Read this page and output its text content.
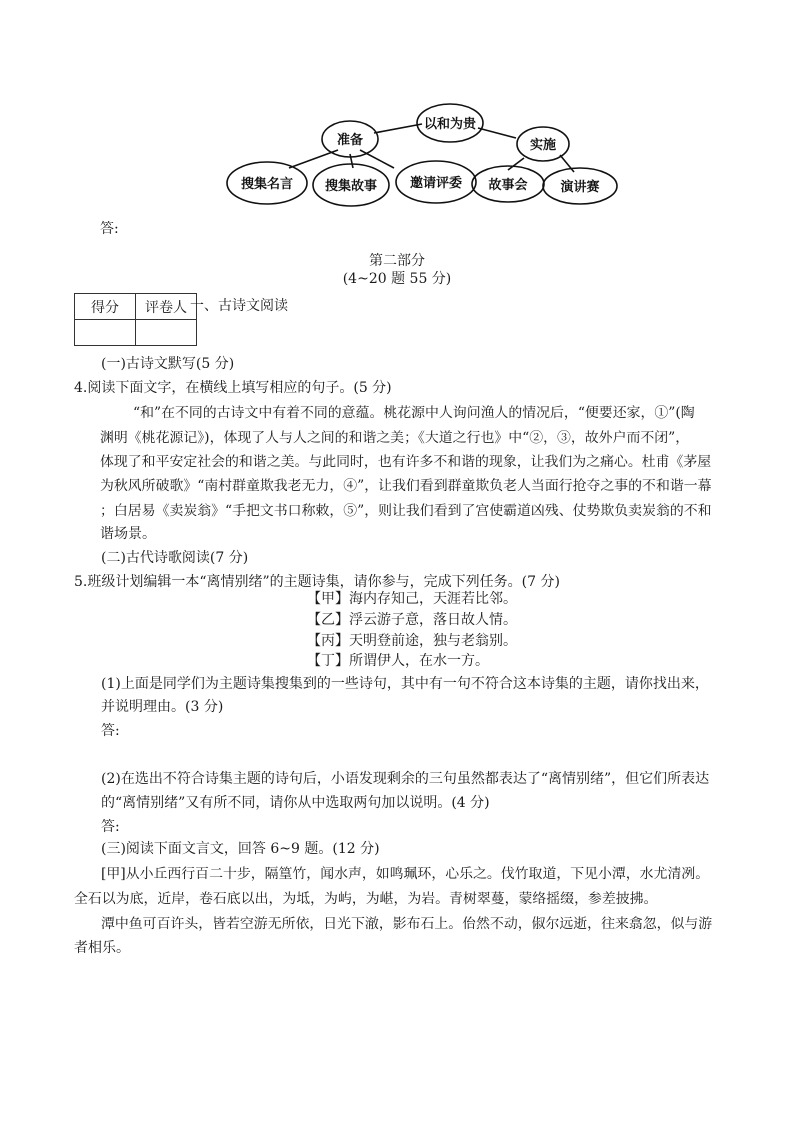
以和为贵
准备	实施
搜集名言 搜集故事	邀请评委 故事会	演讲赛
答:
第二部分
(4~20 题 55 分)
得分	评卷人
	一、古诗文阅读
(一)古诗文默写(5 分)
4.阅读下面文字，在横线上填写相应的句子。(5 分)
“和”在不同的古诗文中有着不同的意蕴。桃花源中人询问渔人的情况后，“便要还家，①”(陶
渊明《桃花源记》)，体现了人与人之间的和谐之美；《大道之行也》中“②，③，故外户而不闭”，
体现了和平安定社会的和谐之美。与此同时，也有许多不和谐的现象，让我们为之痛心。杜甫《茅屋
为秋风所破歌》“南村群童欺我老无力，④”，让我们看到群童欺负老人当面行抢夺之事的不和谐一幕
；白居易《卖炭翁》“手把文书口称敕，⑤”，则让我们看到了宫使霸道凶残、仗势欺负卖炭翁的不和
谐场景。
(二)古代诗歌阅读(7 分)
5.班级计划编辑一本“离情别绪”的主题诗集，请你参与，完成下列任务。(7 分)
【甲】海内存知己，天涯若比邻。
【乙】浮云游子意，落日故人情。
【丙】天明登前途，独与老翁别。
【丁】所谓伊人，在水一方。
(1)上面是同学们为主题诗集搜集到的一些诗句，其中有一句不符合这本诗集的主题，请你找出来，
并说明理由。(3 分)
答:
(2)在选出不符合诗集主题的诗句后，小语发现剩余的三句虽然都表达了“离情别绪”，但它们所表达
的“离情别绪”又有所不同，请你从中选取两句加以说明。(4 分)
答:
(三)阅读下面文言文，回答 6~9 题。(12 分)
[甲]从小丘西行百二十步，隔篁竹，闻水声，如鸣珮环，心乐之。伐竹取道，下见小潭，水尤清冽。
全石以为底，近岸，卷石底以出，为坻，为屿，为嵁，为岩。青树翠蔓，蒙络摇缀，参差披拂。
潭中鱼可百许头，皆若空游无所依，日光下澈，影布石上。佁然不动，俶尔远逝，往来翕忽，似与游
者相乐。
